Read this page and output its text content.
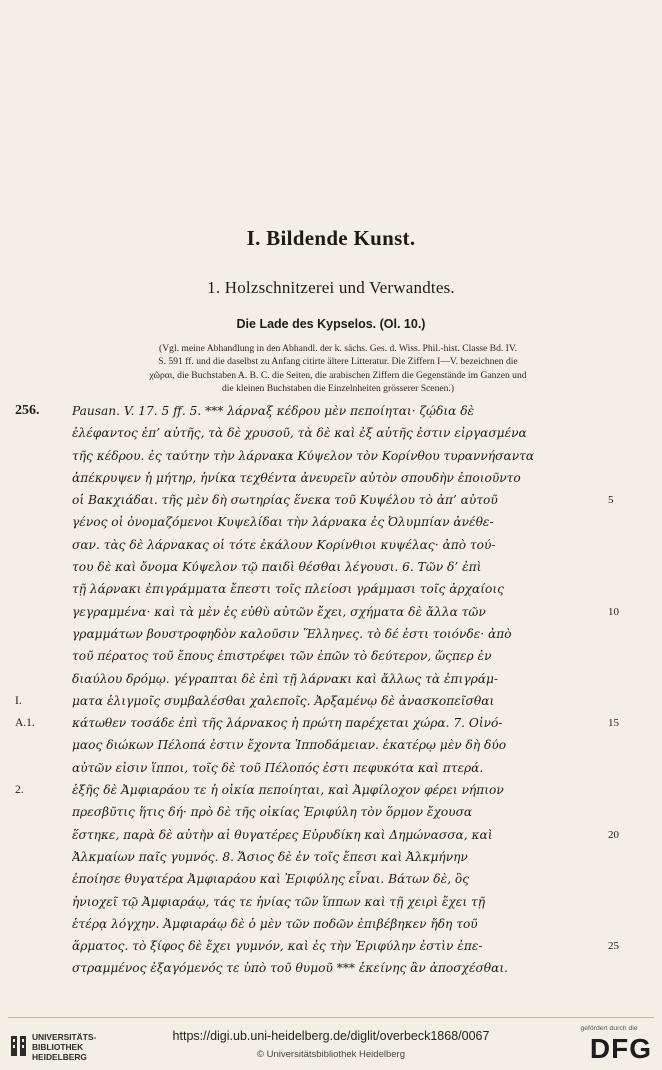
I. Bildende Kunst.
1. Holzschnitzerei und Verwandtes.
Die Lade des Kypselos. (Ol. 10.)
(Vgl. meine Abhandlung in den Abhandl. der k. sächs. Ges. d. Wiss. Phil.-hist. Classe Bd. IV.
S. 591 ff. und die daselbst zu Anfang citirte ältere Litteratur. Die Ziffern I—V. bezeichnen die
χῶραι, die Buchstaben A. B. C. die Seiten, die arabischen Ziffern die Gegenstände im Ganzen und
die kleinen Buchstaben die Einzelnheiten grösserer Scenen.)
256.	Pausan. V. 17. 5 ff. 5. *** λάρναξ κέδρου μὲν πεποίηται· ζῴδια δὲ
ἐλέφαντος ἐπ’ αὐτῆς, τὰ δὲ χρυσοῦ, τὰ δὲ καὶ ἐξ αὐτῆς ἐστιν εἰργασμένα
τῆς κέδρου. ἐς ταύτην τὴν λάρνακα Κύψελον τὸν Κορίνθου τυραννήσαντα
ἀπέκρυψεν ἡ μήτηρ, ἡνίκα τεχθέντα ἀνευρεῖν αὐτὸν σπουδὴν ἐποιοῦντο
οἱ Βακχιάδαι. τῆς μὲν δὴ σωτηρίας ἕνεκα τοῦ Κυψέλου τὸ ἀπ’ αὐτοῦ	5
γένος οἱ ὀνομαζόμενοι Κυψελίδαι τὴν λάρνακα ἐς Ὀλυμπίαν ἀνέθε-
σαν. τὰς δὲ λάρνακας οἱ τότε ἐκάλουν Κορίνθιοι κυψέλας· ἀπὸ τού-
του δὲ καὶ ὄνομα Κύψελον τῷ παιδὶ θέσθαι λέγουσι. 6. Τῶν δ’ ἐπὶ
τῇ λάρνακι ἐπιγράμματα ἔπεστι τοῖς πλείοσι γράμμασι τοῖς ἀρχαίοις
γεγραμμένα· καὶ τὰ μὲν ἐς εὐθὺ αὐτῶν ἔχει, σχήματα δὲ ἄλλα τῶν	10
γραμμάτων βουστροφηδὸν καλοῦσιν Ἕλληνες. τὸ δέ ἐστι τοιόνδε· ἀπὸ
τοῦ πέρατος τοῦ ἔπους ἐπιστρέφει τῶν ἐπῶν τὸ δεύτερον, ὥςπερ ἐν
διαύλου δρόμῳ. γέγραπται δὲ ἐπὶ τῇ λάρνακι καὶ ἄλλως τὰ ἐπιγράμ-
I.	ματα ἑλιγμοῖς συμβαλέσθαι χαλεποῖς. Ἀρξαμένῳ δὲ ἀνασκοπεῖσθαι
A.1.	κάτωθεν τοσάδε ἐπὶ τῆς λάρνακος ἡ πρώτη παρέχεται χώρα. 7. Οἰνό-	15
μαος διώκων Πέλοπά ἐστιν ἔχοντα Ἱπποδάμειαν. ἑκατέρῳ μὲν δὴ δύο
αὐτῶν εἰσιν ἵπποι, τοῖς δὲ τοῦ Πέλοπός ἐστι πεφυκότα καὶ πτερά.
2.	ἑξῆς δὲ Ἀμφιαράου τε ἡ οἰκία πεποίηται, καὶ Ἀμφίλοχον φέρει νήπιον
πρεσβῦτις ἥτις δή· πρὸ δὲ τῆς οἰκίας Ἐριφύλη τὸν ὅρμον ἔχουσα
ἕστηκε, παρὰ δὲ αὐτὴν αἱ θυγατέρες Εὐρυδίκη καὶ Δημώνασσα, καὶ	20
Ἀλκμαίων παῖς γυμνός. 8. Ἄσιος δὲ ἐν τοῖς ἔπεσι καὶ Ἀλκμήνην
ἐποίησε θυγατέρα Ἀμφιαράου καὶ Ἐριφύλης εἶναι. Βάτων δὲ, ὃς
ἡνιοχεῖ τῷ Ἀμφιαράῳ, τάς τε ἡνίας τῶν ἵππων καὶ τῇ χειρὶ ἔχει τῇ
ἑτέρᾳ λόγχην. Ἀμφιαράῳ δὲ ὁ μὲν τῶν ποδῶν ἐπιβέβηκεν ἤδη τοῦ
ἅρματος. τὸ ξίφος δὲ ἔχει γυμνόν, καὶ ἐς τὴν Ἐριφύλην ἐστὶν ἐπε-	25
στραμμένος ἐξαγόμενός τε ὑπὸ τοῦ θυμοῦ *** ἐκείνης ἂν ἀποσχέσθαι.
UNIVERSITÄTS-
BIBLIOTHEK
HEIDELBERG
https://digi.ub.uni-heidelberg.de/diglit/overbeck1868/0067
© Universitätsbibliothek Heidelberg
gefördert durch die
DFG
